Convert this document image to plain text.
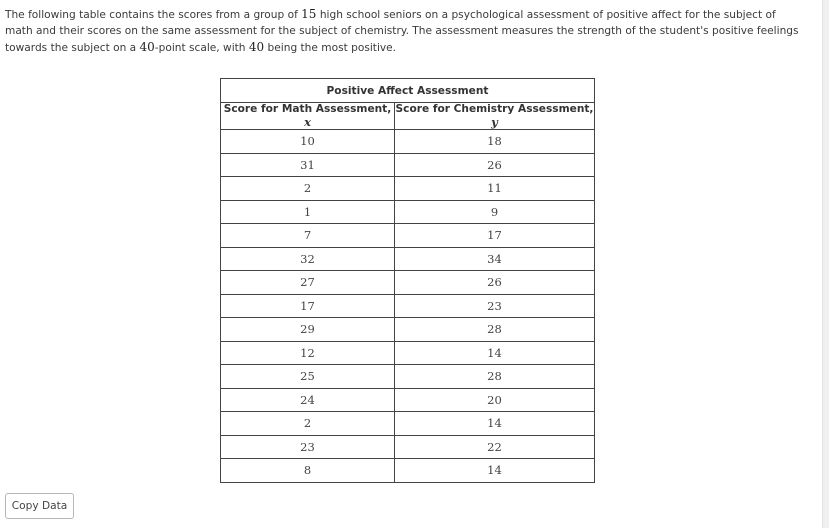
The following table contains the scores from a group of 15 high school seniors on a psychological assessment of positive affect for the subject of math and their scores on the same assessment for the subject of chemistry. The assessment measures the strength of the student's positive feelings towards the subject on a 40-point scale, with 40 being the most positive.

Positive Affect Assessment	
Score for Math Assessment, x	Score for Chemistry Assessment, y
10	18
31	26
2	11
1	9
7	17
32	34
27	26
17	23
29	28
12	14
25	28
24	20
2	14
23	22
8	14
Copy Data
